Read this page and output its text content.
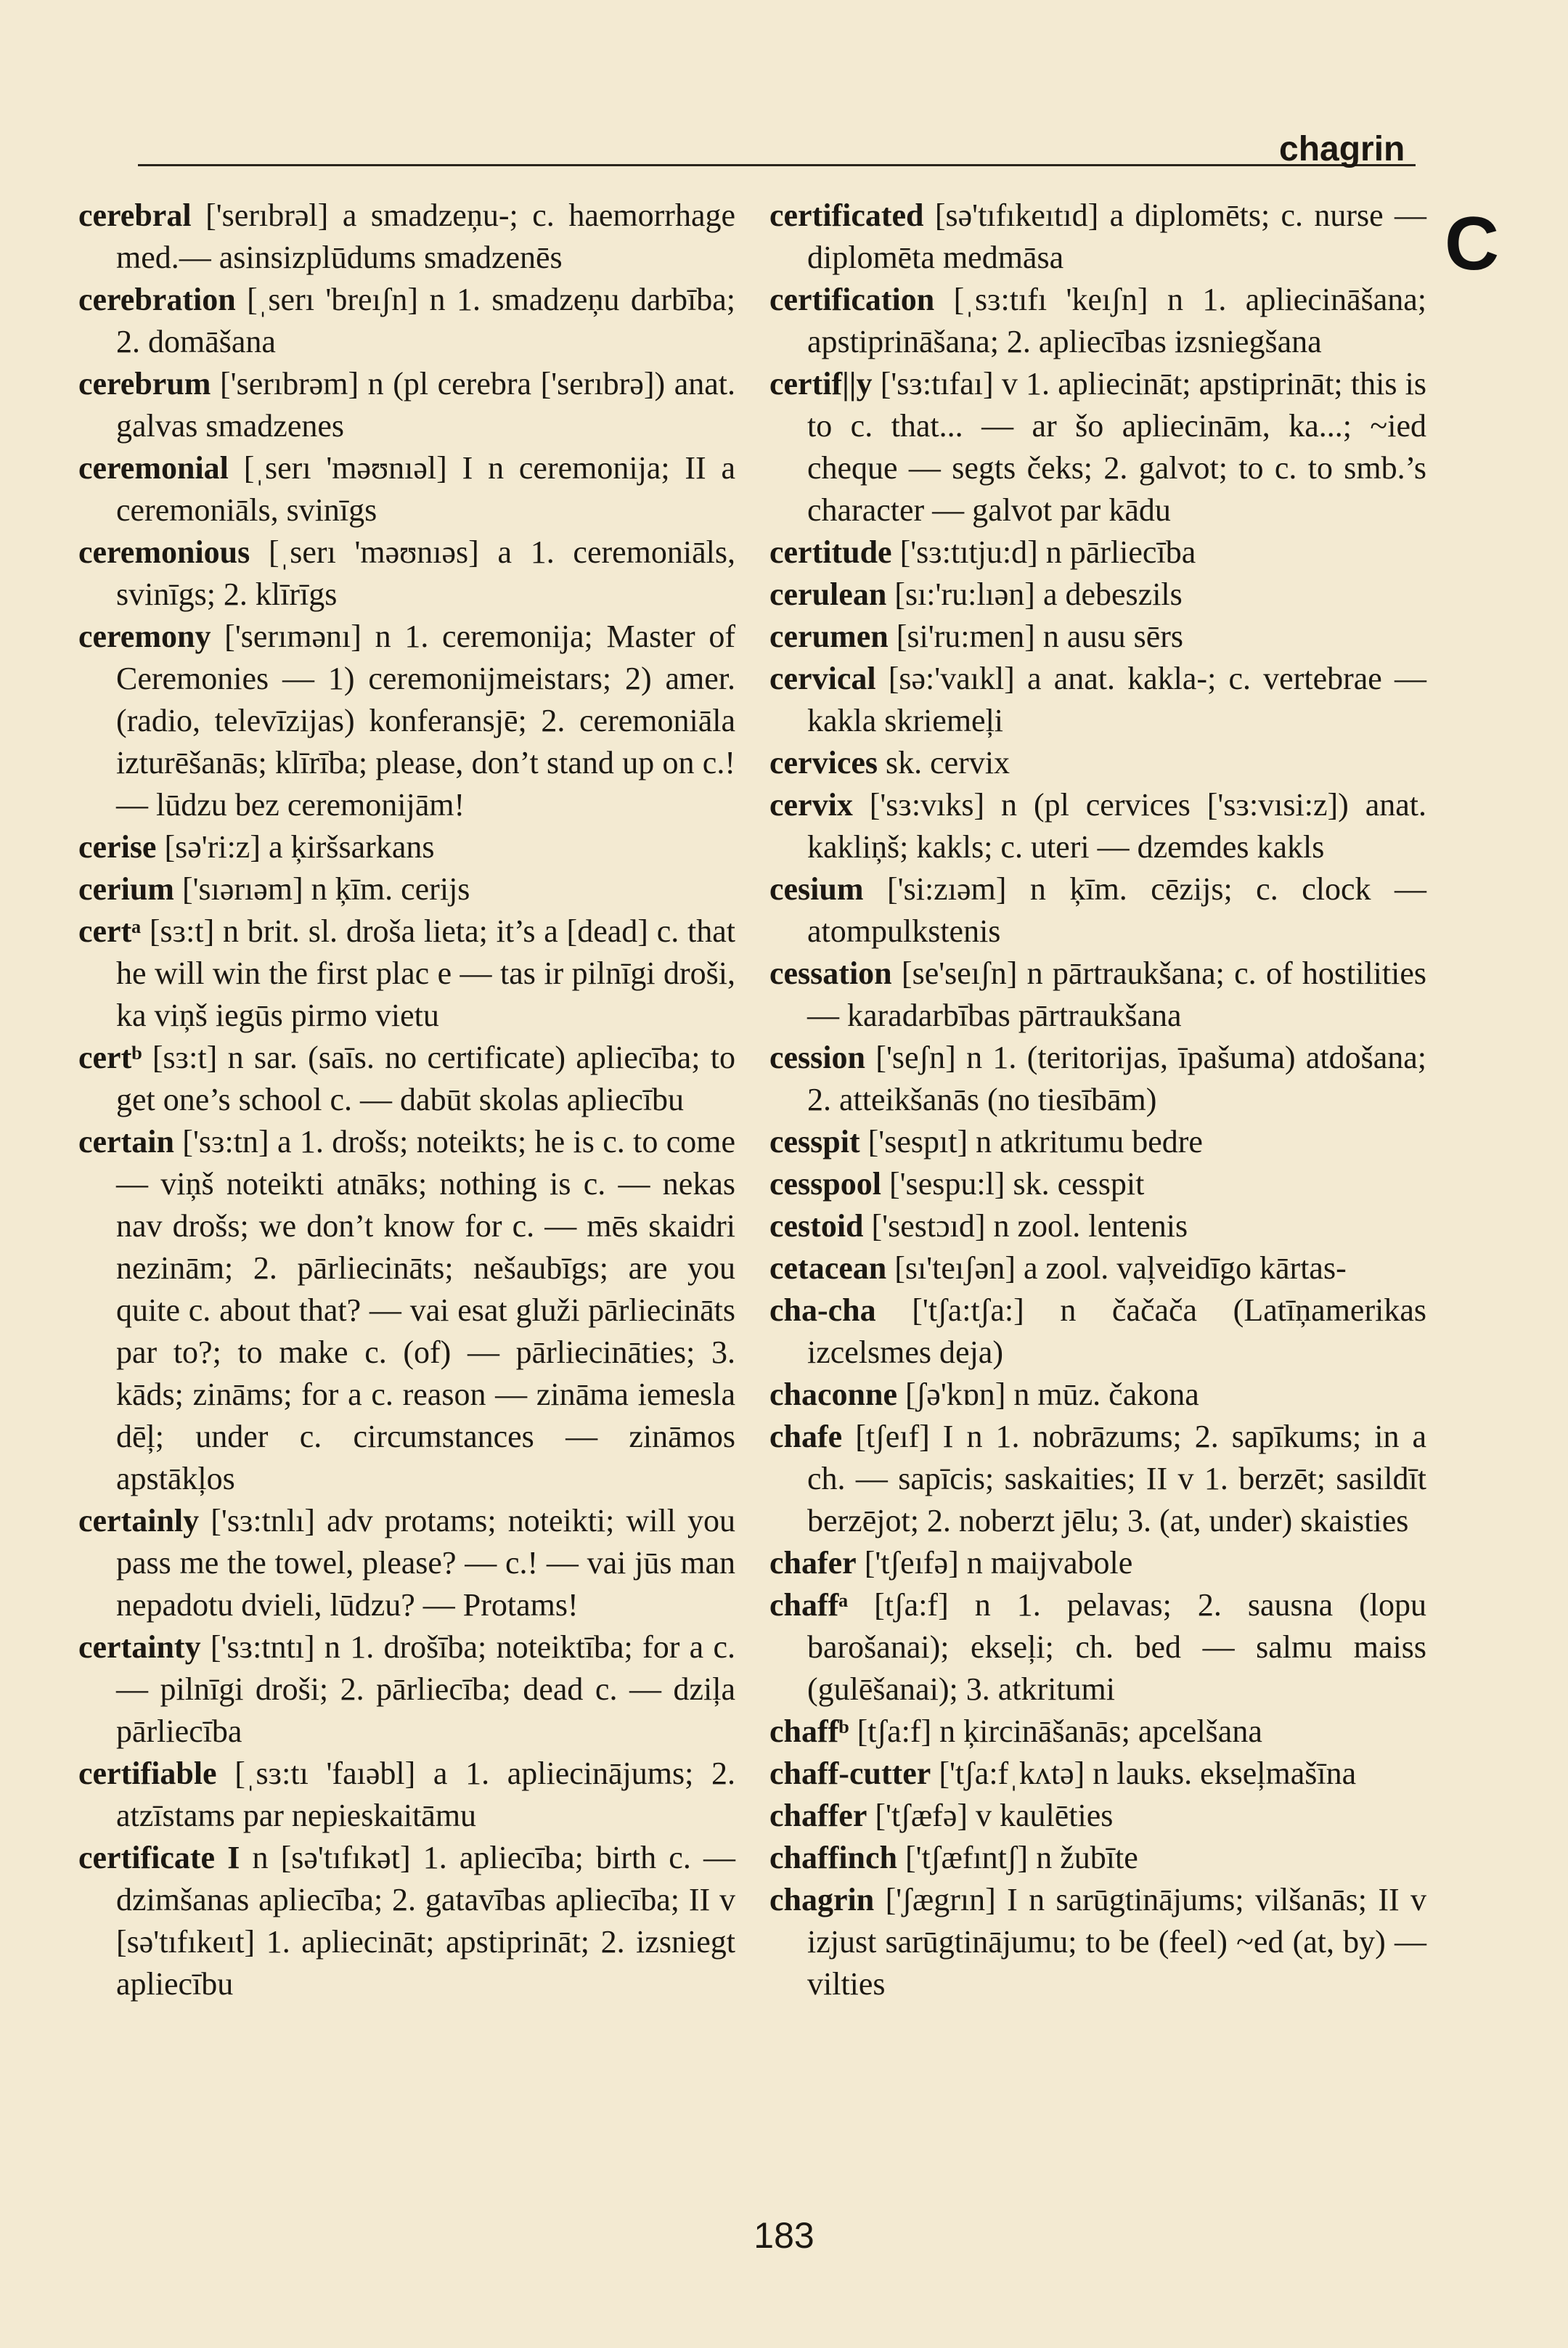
chagrin
C

cerebral ['serıbrəl] a smadzeņu-; c. haemorrhage med.— asinsizplūdums smadzenēs

cerebration [ˌserı 'breıʃn] n 1. smadzeņu darbība; 2. domāšana

cerebrum ['serıbrəm] n (pl cerebra ['serıbrə]) anat. galvas smadzenes

ceremonial [ˌserı 'məʊnıəl] I n ceremonija; II a ceremoniāls, svinīgs

ceremonious [ˌserı 'məʊnıəs] a 1. ceremoniāls, svinīgs; 2. klīrīgs

ceremony ['serımənı] n 1. ceremonija; Master of Ceremonies — 1) ceremonijmeistars; 2) amer. (radio, televīzijas) konferansjē; 2. ceremoniāla izturēšanās; klīrība; please, don’t stand up on c.! — lūdzu bez ceremonijām!

cerise [sə'ri:z] a ķiršsarkans

cerium ['sıərıəm] n ķīm. cerijs

certᵃ [sɜ:t] n brit. sl. droša lieta; it’s a [dead] c. that he will win the first plac e — tas ir pilnīgi droši, ka viņš iegūs pirmo vietu

certᵇ [sɜ:t] n sar. (saīs. no certificate) apliecība; to get one’s school c. — dabūt skolas apliecību

certain ['sɜ:tn] a 1. drošs; noteikts; he is c. to come — viņš noteikti atnāks; nothing is c. — nekas nav drošs; we don’t know for c. — mēs skaidri nezinām; 2. pārliecināts; nešaubīgs; are you quite c. about that? — vai esat gluži pārliecināts par to?; to make c. (of) — pārliecināties; 3. kāds; zināms; for a c. reason — zināma iemesla dēļ; under c. circumstances — zināmos apstākļos

certainly ['sɜ:tnlı] adv protams; noteikti; will you pass me the towel, please? — c.! — vai jūs man nepadotu dvieli, lūdzu? — Protams!

certainty ['sɜ:tntı] n 1. drošība; noteiktība; for a c. — pilnīgi droši; 2. pārliecība; dead c. — dziļa pārliecība

certifiable [ˌsɜ:tı 'faıəbl] a 1. apliecinājums; 2. atzīstams par nepieskaitāmu

certificate I n [sə'tıfıkət] 1. apliecība; birth c. — dzimšanas apliecība; 2. gatavības apliecība; II v [sə'tıfıkeıt] 1. apliecināt; apstiprināt; 2. izsniegt apliecību

certificated [sə'tıfıkeıtıd] a diplomēts; c. nurse — diplomēta medmāsa

certification [ˌsɜ:tıfı 'keıʃn] n 1. apliecināšana; apstiprināšana; 2. apliecības izsniegšana

certif||y ['sɜ:tıfaı] v 1. apliecināt; apstiprināt; this is to c. that... — ar šo apliecinām, ka...; ~ied cheque — segts čeks; 2. galvot; to c. to smb.’s character — galvot par kādu

certitude ['sɜ:tıtju:d] n pārliecība

cerulean [sı:'ru:lıən] a debeszils

cerumen [si'ru:men] n ausu sērs

cervical [sə:'vaıkl] a anat. kakla-; c. vertebrae — kakla skriemeļi

cervices sk. cervix

cervix ['sɜ:vıks] n (pl cervices ['sɜ:vısi:z]) anat. kakliņš; kakls; c. uteri — dzemdes kakls

cesium ['si:zıəm] n ķīm. cēzijs; c. clock — atompulkstenis

cessation [se'seıʃn] n pārtraukšana; c. of hostilities — karadarbības pārtraukšana

cession ['seʃn] n 1. (teritorijas, īpašuma) atdošana; 2. atteikšanās (no tiesībām)

cesspit ['sespıt] n atkritumu bedre

cesspool ['sespu:l] sk. cesspit

cestoid ['sestɔıd] n zool. lentenis

cetacean [sı'teıʃən] a zool. vaļveidīgo kārtas-

cha-cha ['tʃa:tʃa:] n čačača (Latīņamerikas izcelsmes deja)

chaconne [ʃə'kɒn] n mūz. čakona

chafe [tʃeıf] I n 1. nobrāzums; 2. sapīkums; in a ch. — sapīcis; saskaities; II v 1. berzēt; sasildīt berzējot; 2. noberzt jēlu; 3. (at, under) skaisties

chafer ['tʃeıfə] n maijvabole

chaffᵃ [tʃa:f] n 1. pelavas; 2. sausna (lopu barošanai); ekseļi; ch. bed — salmu maiss (gulēšanai); 3. atkritumi

chaffᵇ [tʃa:f] n ķircināšanās; apcelšana

chaff-cutter ['tʃa:fˌkʌtə] n lauks. ekseļmašīna

chaffer ['tʃæfə] v kaulēties

chaffinch ['tʃæfıntʃ] n žubīte

chagrin ['ʃægrın] I n sarūgtinājums; vilšanās; II v izjust sarūgtinājumu; to be (feel) ~ed (at, by) — vilties

183
